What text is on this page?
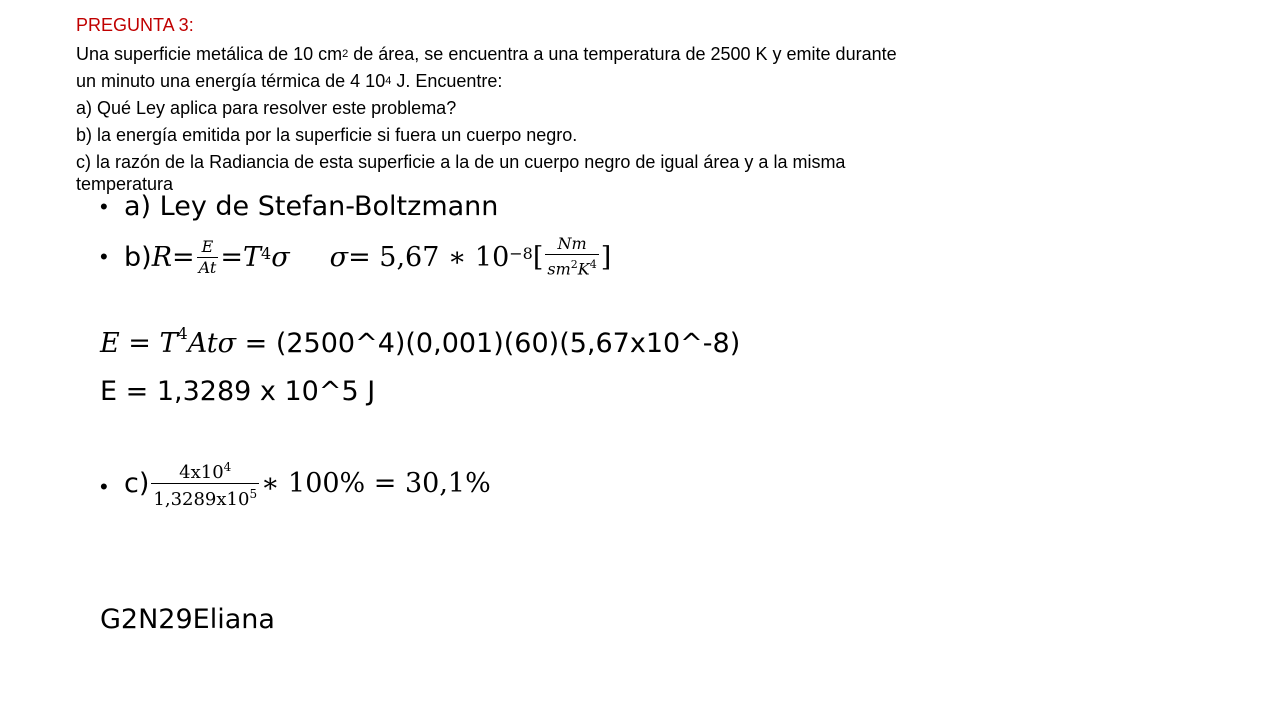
PREGUNTA 3:
Una superficie metálica de 10 $cm^2$ de área, se encuentra a una temperatura de 2500 K y emite durante
un minuto una energía térmica de 4 $10^4$ J. Encuentre:
a) Qué Ley aplica para resolver este problema?
b) la energía emitida por la superficie si fuera un cuerpo negro.
c) la razón de la Radiancia de esta superficie a la de un cuerpo negro de igual área y a la misma
temperatura
• a) Ley de Stefan-Boltzmann
• b) $R = \frac{E}{At} = T^4$ σ σ = 5,67 ∗ $10^{-8}$ [ $\frac{Nm}{sm^2K^4}$ ]
$E = T^4At\sigma$ = (2500^4)(0,001)(60)(5,67x10^-8)
E = 1,3289 x 10^5 J
• $c) \frac{4x10^4}{1,3289x10^5}$ ∗ 100% = 30,1%
G2N29Eliana
